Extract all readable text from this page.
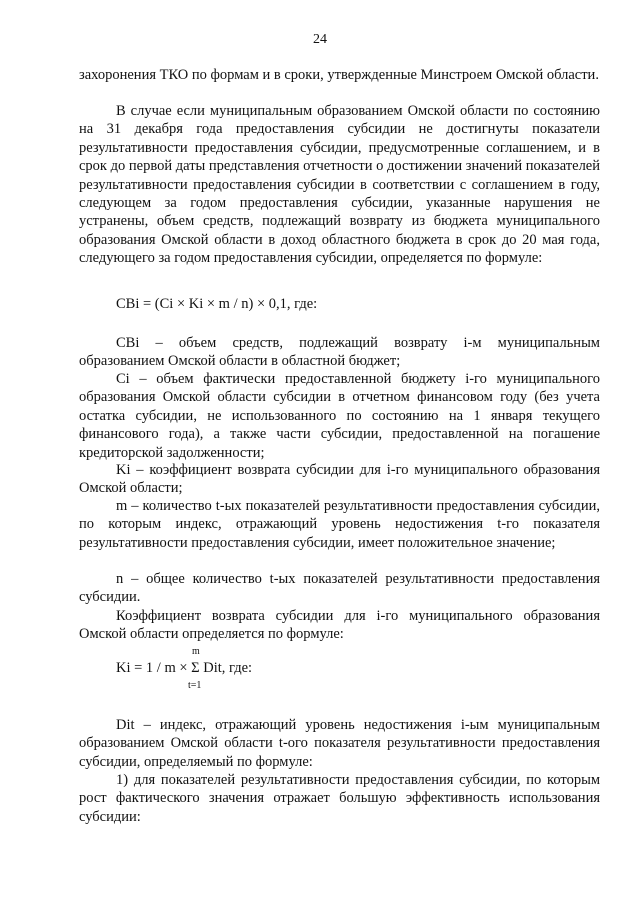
24
захоронения ТКО по формам и в сроки, утвержденные Минстроем Омской области.
В случае если муниципальным образованием Омской области по состоянию на 31 декабря года предоставления субсидии не достигнуты показатели результативности предоставления субсидии, предусмотренные соглашением, и в срок до первой даты представления отчетности о достижении значений показателей результативности предоставления субсидии в соответствии с соглашением в году, следующем за годом предоставления субсидии, указанные нарушения не устранены, объем средств, подлежащий возврату из бюджета муниципального образования Омской области в доход областного бюджета в срок до 20 мая года, следующего за годом предоставления субсидии, определяется по формуле:
CBi = (Ci × Ki × m / n) × 0,1, где:
CBi – объем средств, подлежащий возврату i-м муниципальным образованием Омской области в областной бюджет;
Ci – объем фактически предоставленной бюджету i-го муниципального образования Омской области субсидии в отчетном финансовом году (без учета остатка субсидии, не использованного по состоянию на 1 января текущего финансового года), а также части субсидии, предоставленной на погашение кредиторской задолженности;
Ki – коэффициент возврата субсидии для i-го муниципального образования Омской области;
m – количество t-ых показателей результативности предоставления субсидии, по которым индекс, отражающий уровень недостижения t-го показателя результативности предоставления субсидии, имеет положительное значение;
n – общее количество t-ых показателей результативности предоставления субсидии.
Коэффициент возврата субсидии для i-го муниципального образования Омской области определяется по формуле:
m
Ki = 1 / m × Σ Dit, где:
t=1
Dit – индекс, отражающий уровень недостижения i-ым муниципальным образованием Омской области t-ого показателя результативности предоставления субсидии, определяемый по формуле:
1) для показателей результативности предоставления субсидии, по которым рост фактического значения отражает большую эффективность использования субсидии:
